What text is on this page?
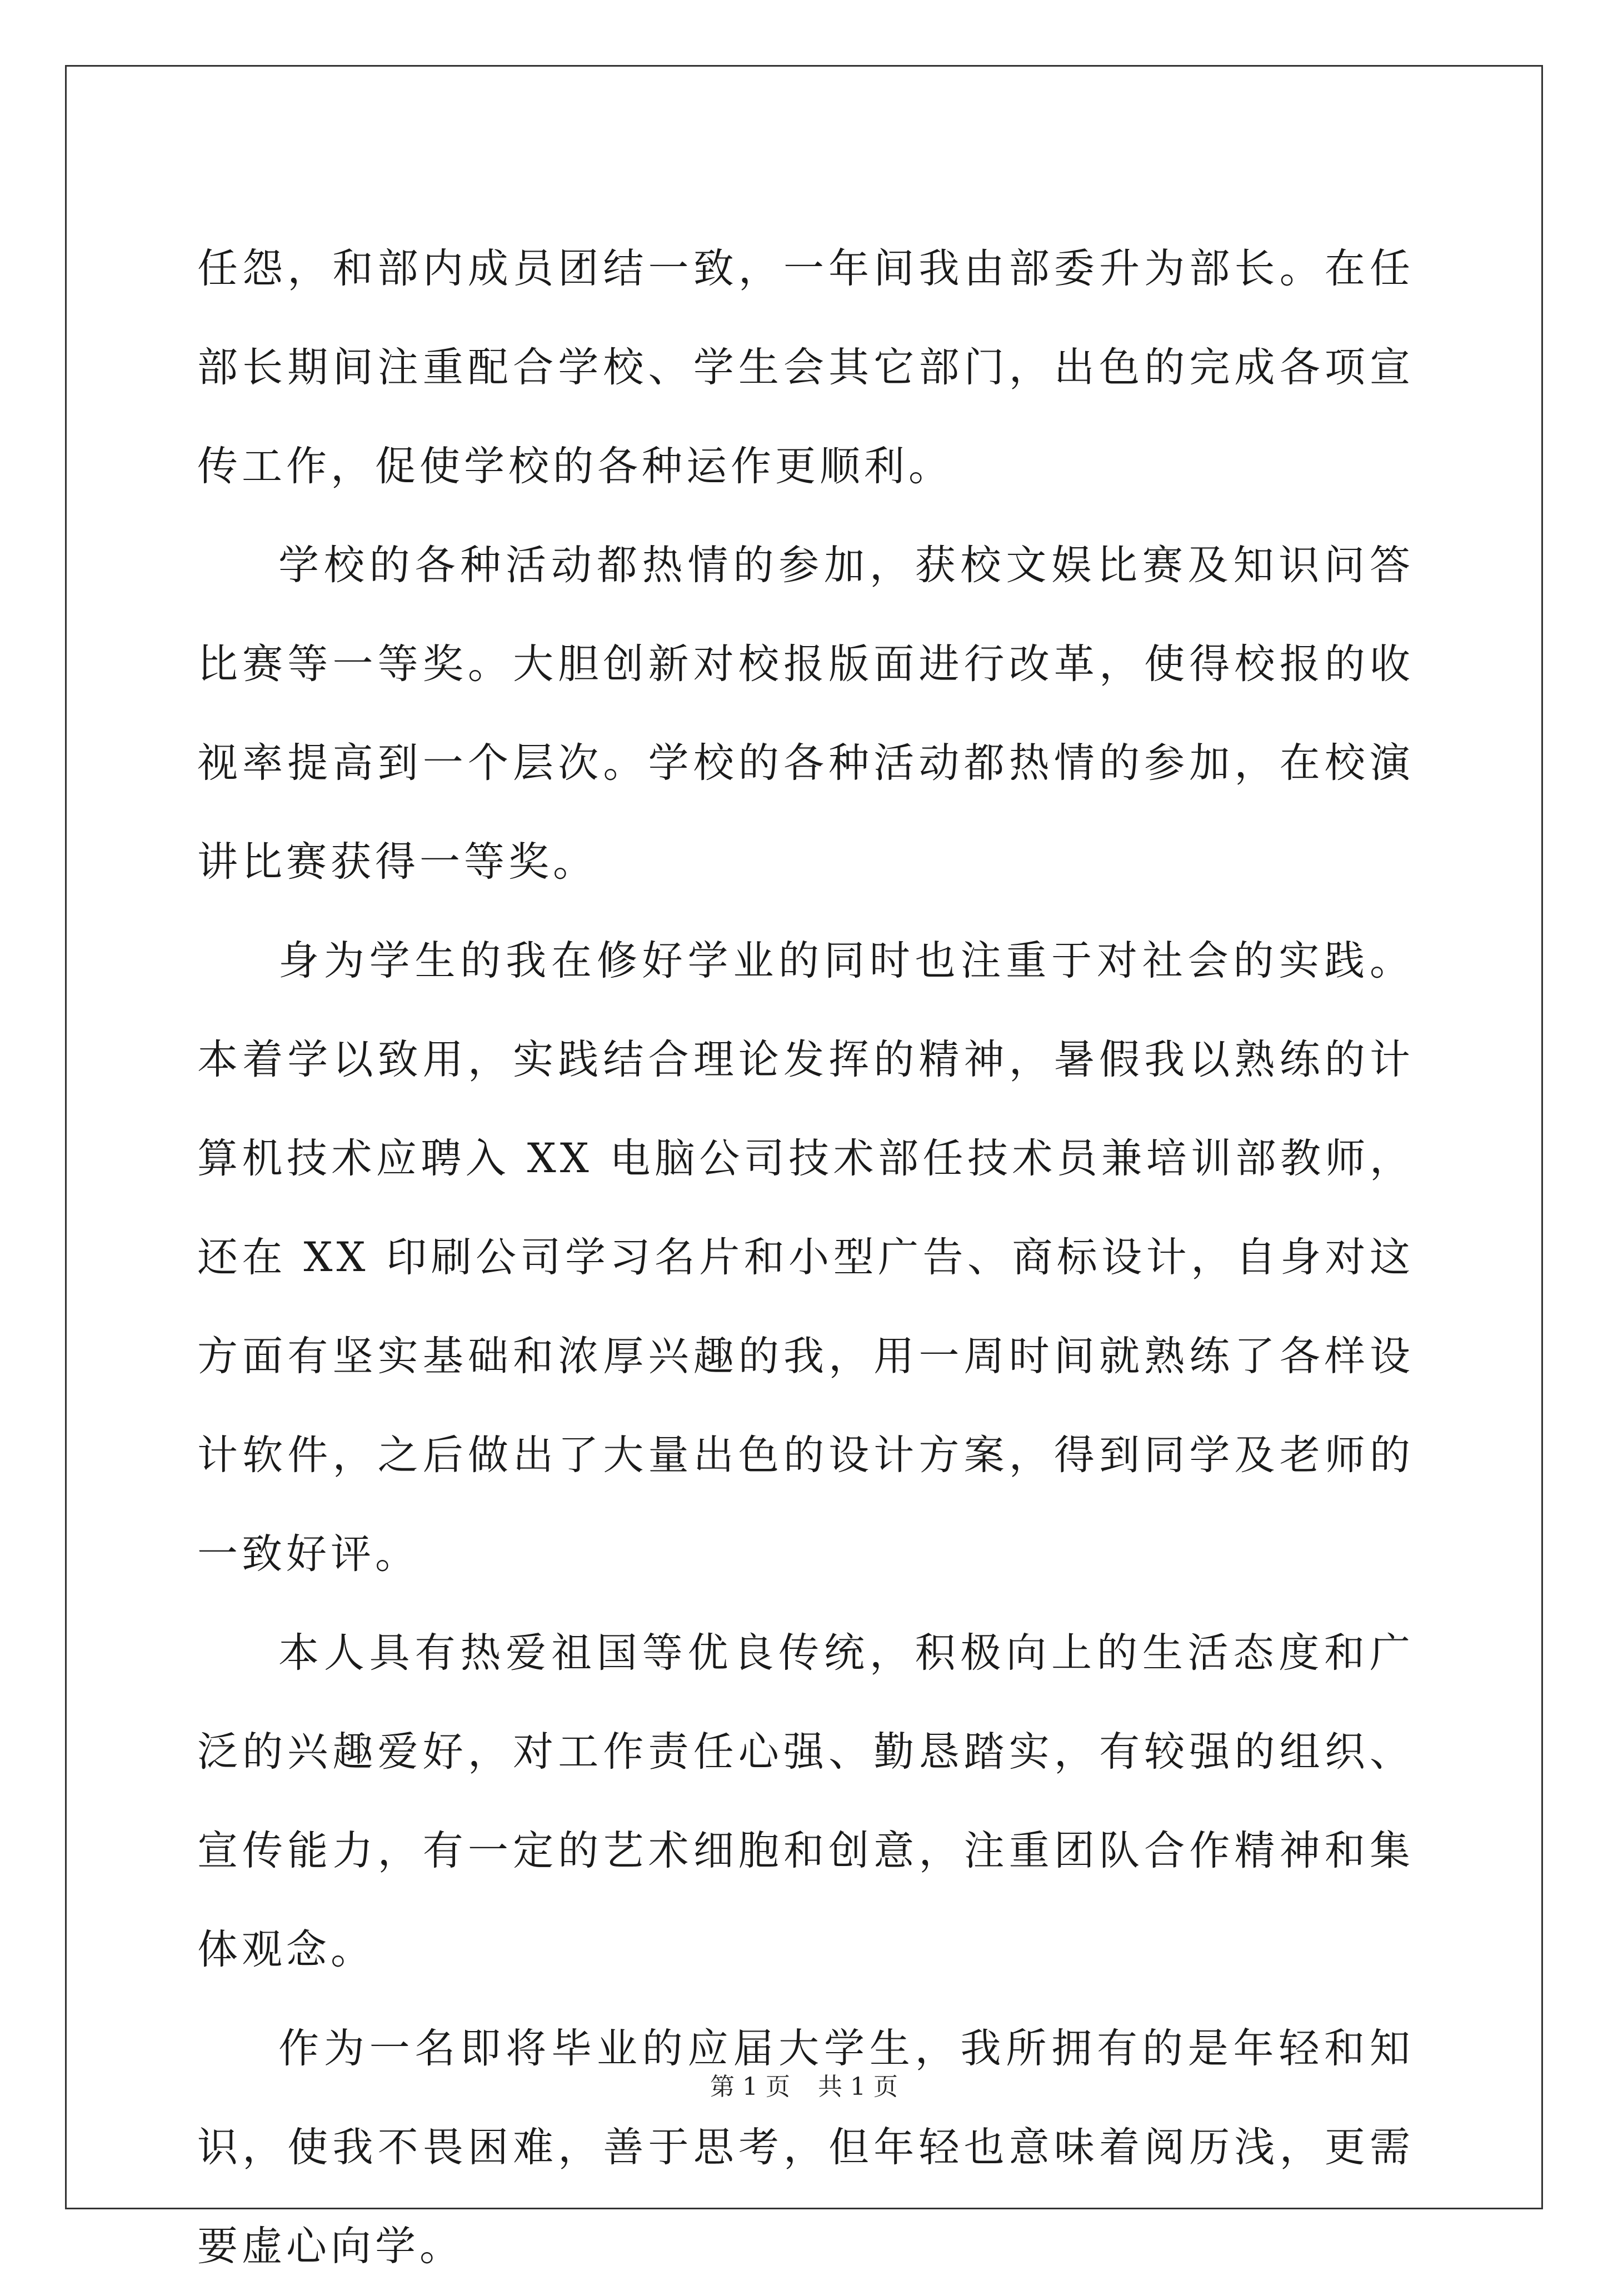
任怨，和部内成员团结一致，一年间我由部委升为部长。在任部长期间注重配合学校、学生会其它部门，出色的完成各项宣传工作，促使学校的各种运作更顺利。

学校的各种活动都热情的参加，获校文娱比赛及知识问答比赛等一等奖。大胆创新对校报版面进行改革，使得校报的收视率提高到一个层次。学校的各种活动都热情的参加，在校演讲比赛获得一等奖。

身为学生的我在修好学业的同时也注重于对社会的实践。本着学以致用，实践结合理论发挥的精神，暑假我以熟练的计算机技术应聘入 XX 电脑公司技术部任技术员兼培训部教师，还在 XX 印刷公司学习名片和小型广告、商标设计，自身对这方面有坚实基础和浓厚兴趣的我，用一周时间就熟练了各样设计软件，之后做出了大量出色的设计方案，得到同学及老师的一致好评。

本人具有热爱祖国等优良传统，积极向上的生活态度和广泛的兴趣爱好，对工作责任心强、勤恳踏实，有较强的组织、宣传能力，有一定的艺术细胞和创意，注重团队合作精神和集体观念。

作为一名即将毕业的应届大学生，我所拥有的是年轻和知识，使我不畏困难，善于思考，但年轻也意味着阅历浅，更需要虚心向学。

第 1 页 共 1 页
